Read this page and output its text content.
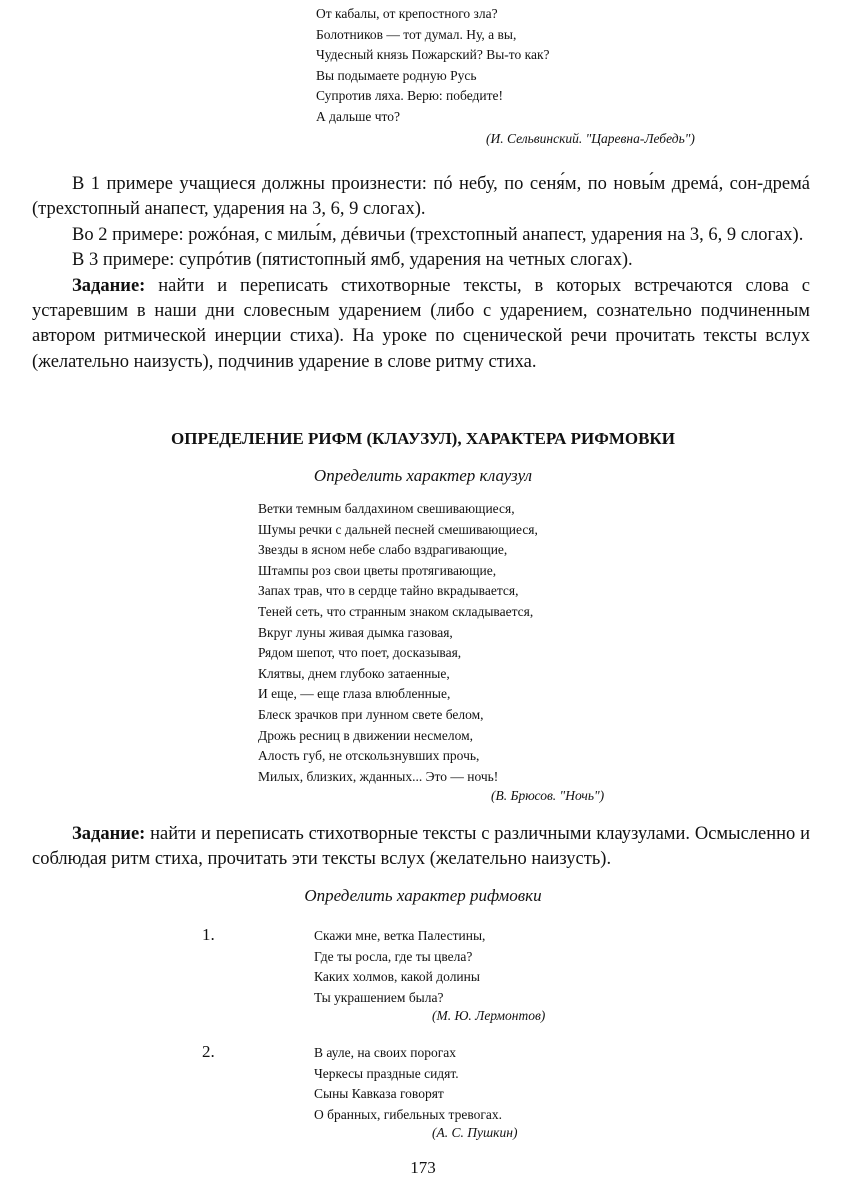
От кабалы, от крепостного зла?
Болотников — тот думал. Ну, а вы,
Чудесный князь Пожарский? Вы-то как?
Вы подымаете родную Русь
Супротив ляха. Верю: победите!
А дальше что?
(И. Сельвинский. "Царевна-Лебедь")

В 1 примере учащиеся должны произнести: пó небу, по сеня́м, по новы́м дремá, сон-дремá (трехстопный анапест, ударения на 3, 6, 9 слогах).

Во 2 примере: рожóная, с милы́м, дéвичьи (трехстопный анапест, ударения на 3, 6, 9 слогах).

В 3 примере: супрóтив (пятистопный ямб, ударения на четных слогах).

Задание: найти и переписать стихотворные тексты, в которых встречаются слова с устаревшим в наши дни словесным ударением (либо с ударением, сознательно подчиненным автором ритмической инерции стиха). На уроке по сценической речи прочитать тексты вслух (желательно наизусть), подчинив ударение в слове ритму стиха.

ОПРЕДЕЛЕНИЕ РИФМ (КЛАУЗУЛ), ХАРАКТЕРА РИФМОВКИ
Определить характер клаузул
Ветки темным балдахином свешивающиеся,
Шумы речки с дальней песней смешивающиеся,
Звезды в ясном небе слабо вздрагивающие,
Штампы роз свои цветы протягивающие,
Запах трав, что в сердце тайно вкрадывается,
Теней сеть, что странным знаком складывается,
Вкруг луны живая дымка газовая,
Рядом шепот, что поет, досказывая,
Клятвы, днем глубоко затаенные,
И еще, — еще глаза влюбленные,
Блеск зрачков при лунном свете белом,
Дрожь ресниц в движении несмелом,
Алость губ, не отскользнувших прочь,
Милых, близких, жданных... Это — ночь!
(В. Брюсов. "Ночь")

Задание: найти и переписать стихотворные тексты с различными клаузулами. Осмысленно и соблюдая ритм стиха, прочитать эти тексты вслух (желательно наизусть).

Определить характер рифмовки
1.	Скажи мне, ветка Палестины,
Где ты росла, где ты цвела?
Каких холмов, какой долины
Ты украшением была?
(М. Ю. Лермонтов)
2.	В ауле, на своих порогах
Черкесы праздные сидят.
Сыны Кавказа говорят
О бранных, гибельных тревогах.
(А. С. Пушкин)
173
